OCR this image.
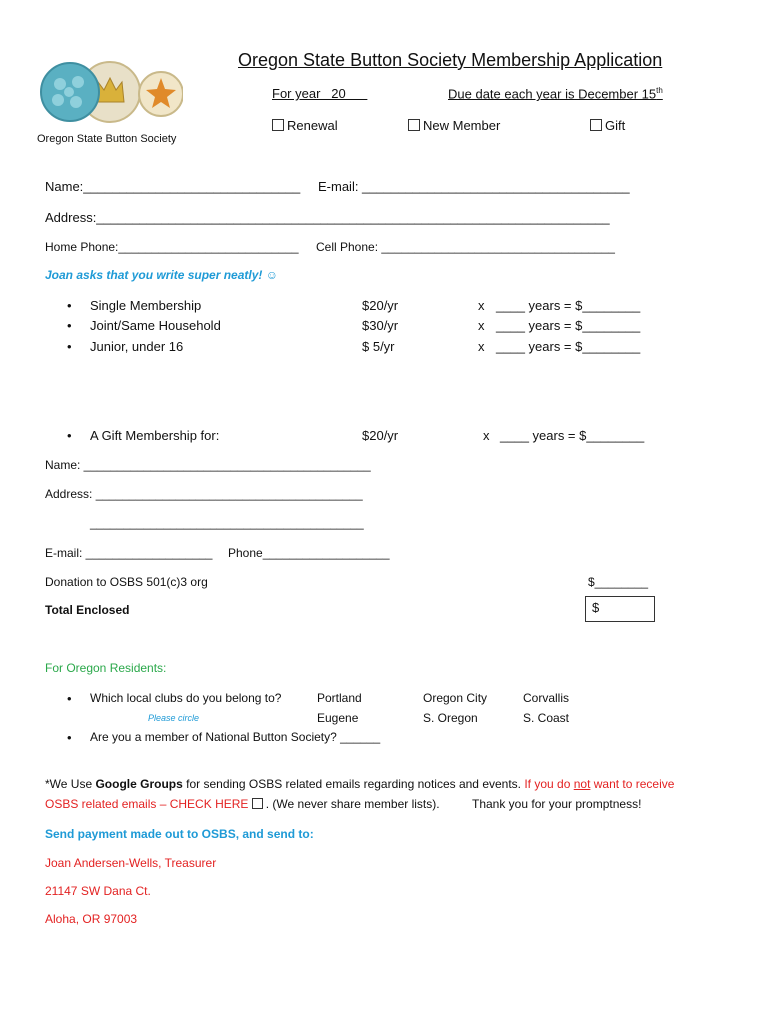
Oregon State Button Society
Oregon State Button Society Membership Application
For year   20	Due date each year is December 15th
Renewal	New Member	Gift
Name:______________________________ E-mail: _____________________________________
Address:_______________________________________________________________________
Home Phone:___________________________ Cell Phone: ___________________________________
Joan asks that you write super neatly! ☺
• Single Membership	$20/yr	x ____ years = $________
• Joint/Same Household	$30/yr	x ____ years = $________
• Junior, under 16	$ 5/yr	x ____ years = $________
• A Gift Membership for:	$20/yr	x ____ years = $________
Name: ___________________________________________
Address: ________________________________________
_________________________________________
E-mail: ___________________ Phone___________________
Donation to OSBS 501(c)3 org	$________
Total Enclosed	$
For Oregon Residents:
• Which local clubs do you belong to?
Please circle
Portland	Oregon City	Corvallis
Eugene	S. Oregon	S. Coast
• Are you a member of National Button Society? ______
*We Use Google Groups for sending OSBS related emails regarding notices and events. If you do not want to receive
OSBS related emails – CHECK HERE . (We never share member lists).	Thank you for your promptness!
Send payment made out to OSBS, and send to:
Joan Andersen-Wells, Treasurer
21147 SW Dana Ct.
Aloha, OR 97003
